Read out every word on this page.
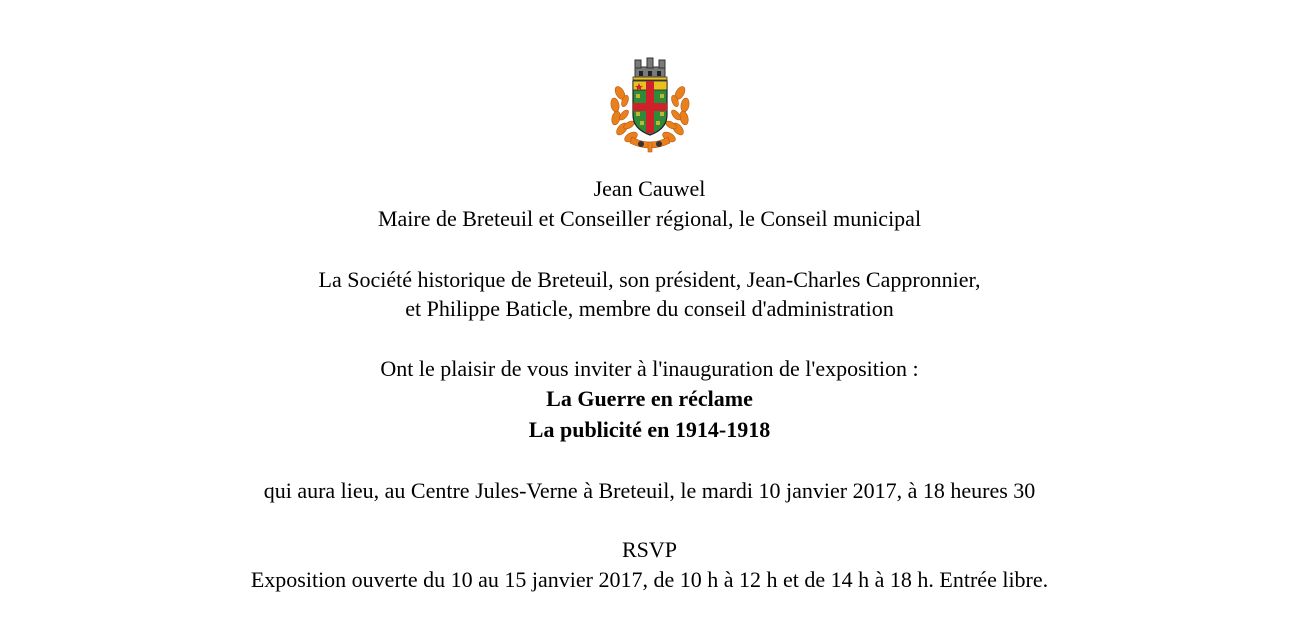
Jean Cauwel
Maire de Breteuil et Conseiller régional, le Conseil municipal
La Société historique de Breteuil, son président, Jean-Charles Cappronnier,
et Philippe Baticle, membre du conseil d'administration
Ont le plaisir de vous inviter à l'inauguration de l'exposition :
La Guerre en réclame
La publicité en 1914-1918
qui aura lieu, au Centre Jules-Verne à Breteuil, le mardi 10 janvier 2017, à 18 heures 30
RSVP
Exposition ouverte du 10 au 15 janvier 2017, de 10 h à 12 h et de 14 h à 18 h. Entrée libre.
